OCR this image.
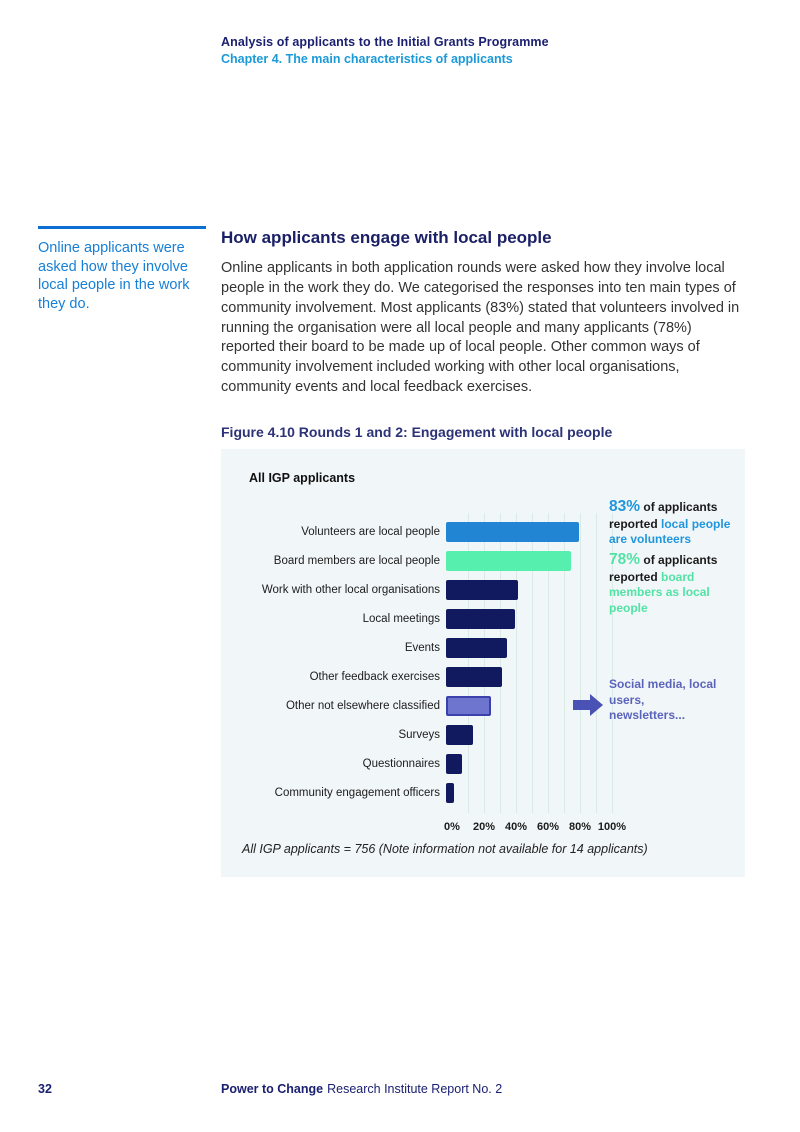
Analysis of applicants to the Initial Grants Programme
Chapter 4. The main characteristics of applicants
Online applicants were asked how they involve local people in the work they do.
How applicants engage with local people

Online applicants in both application rounds were asked how they involve local people in the work they do. We categorised the responses into ten main types of community involvement. Most applicants (83%) stated that volunteers involved in running the organisation were all local people and many applicants (78%) reported their board to be made up of local people. Other common ways of community involvement included working with other local organisations, community events and local feedback exercises.

Figure 4.10 Rounds 1 and 2: Engagement with local people
All IGP applicants
Volunteers are local people
Board members are local people
Work with other local organisations
Local meetings
Events
Other feedback exercises
Other not elsewhere classified
Surveys
Questionnaires
Community engagement officers
0% 20% 40% 60% 80% 100%
83% of applicants reported local people are volunteers
78% of applicants reported board members as local people
Social media, local users, newsletters...
All IGP applicants = 756 (Note information not available for 14 applicants)
32	Power to Change Research Institute Report No. 2
